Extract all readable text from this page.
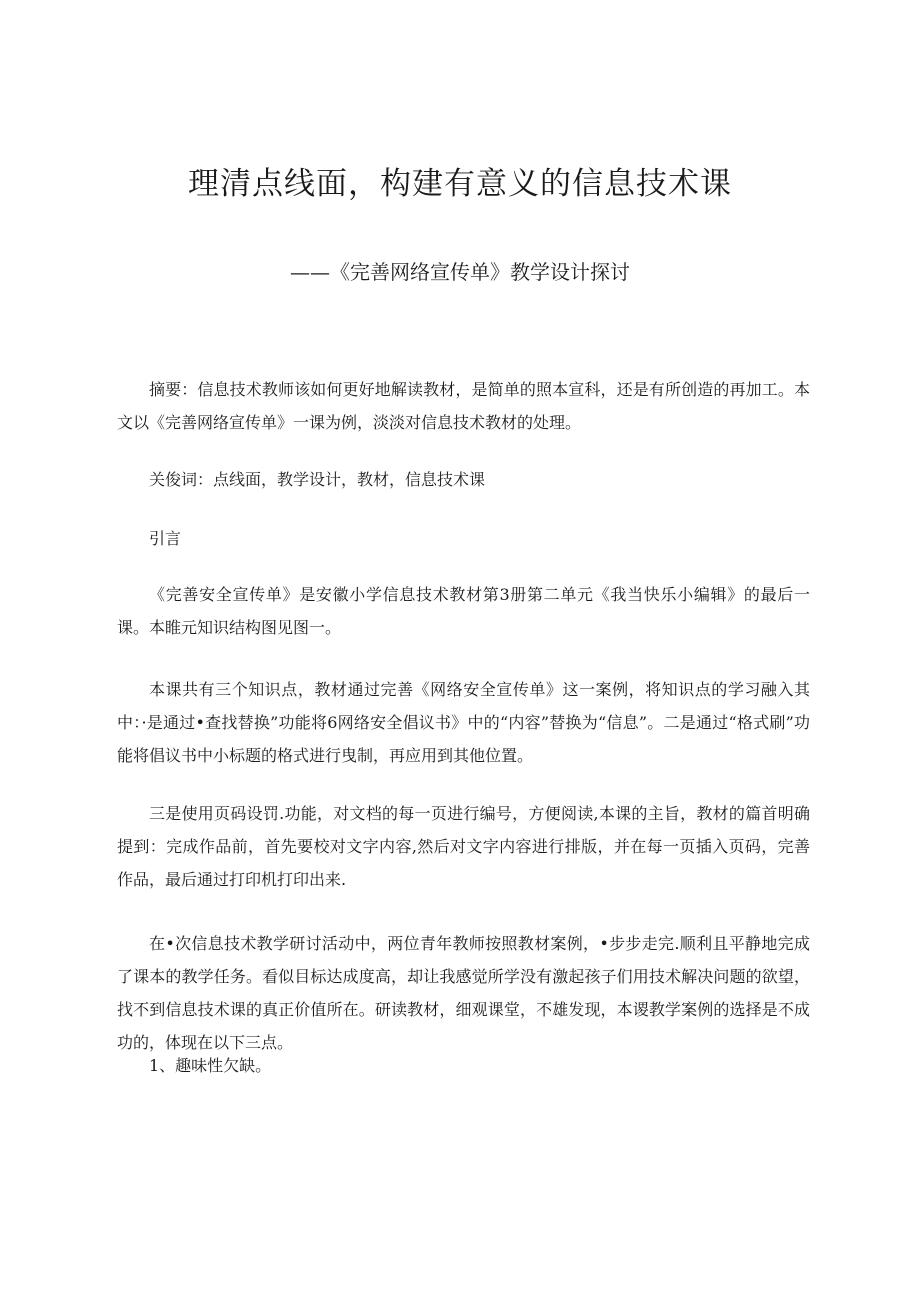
理清点线面，构建有意义的信息技术课
——《完善网络宣传单》教学设计探讨

摘要：信息技术教师该如何更好地解读教材，是简单的照本宣科，还是有所创造的再加工。本文以《完善网络宣传单》一课为例，淡淡对信息技术教材的处理。

关俊词：点线面，教学设计，教材，信息技术课

引言

《完善安全宣传单》是安徽小学信息技术教材第3册第二单元《我当快乐小编辑》的最后一课。本睢元知识结构图见图一。

本课共有三个知识点，教材通过完善《网络安全宣传单》这一案例，将知识点的学习融入其中：·是通过•查找替换”功能将6网络安全倡议书》中的“内容”替换为“信息”。二是通过“格式刷”功能将倡议书中小标题的格式进行曳制，再应用到其他位置。

三是使用页码设罚.功能，对文档的每一页进行编号，方便阅读,本课的主旨，教材的篇首明确提到：完成作品前，首先要校对文字内容,然后对文字内容进行排版，并在每一页插入页码，完善作品，最后通过打印机打印出来.

在•次信息技术教学研讨活动中，两位青年教师按照教材案例，•步步走完.顺利且平静地完成了课本的教学任务。看似目标达成度高，却让我感觉所学没有激起孩子们用技术解决问题的欲望，找不到信息技术课的真正价值所在。研读教材，细观课堂，不雄发现，本谡教学案例的选择是不成功的，体现在以下三点。

1、趣味性欠缺。
